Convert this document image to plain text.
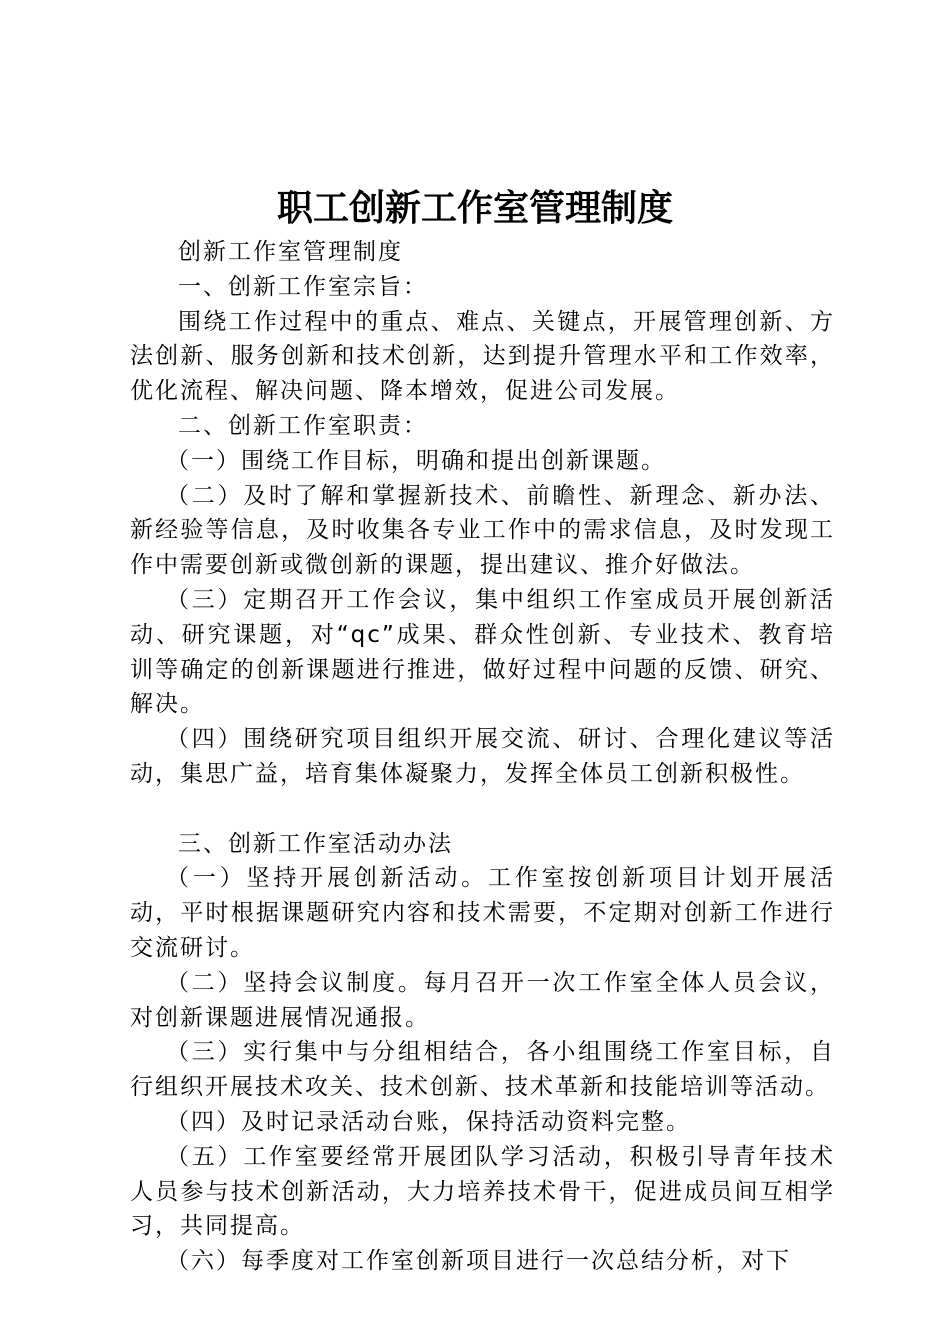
职工创新工作室管理制度

创新工作室管理制度

一、创新工作室宗旨：

围绕工作过程中的重点、难点、关键点，开展管理创新、方法创新、服务创新和技术创新，达到提升管理水平和工作效率，优化流程、解决问题、降本增效，促进公司发展。

二、创新工作室职责：

（一）围绕工作目标，明确和提出创新课题。

（二）及时了解和掌握新技术、前瞻性、新理念、新办法、新经验等信息，及时收集各专业工作中的需求信息，及时发现工作中需要创新或微创新的课题，提出建议、推介好做法。

（三）定期召开工作会议，集中组织工作室成员开展创新活动、研究课题，对“qc”成果、群众性创新、专业技术、教育培训等确定的创新课题进行推进，做好过程中问题的反馈、研究、解决。

（四）围绕研究项目组织开展交流、研讨、合理化建议等活动，集思广益，培育集体凝聚力，发挥全体员工创新积极性。

三、创新工作室活动办法

（一）坚持开展创新活动。工作室按创新项目计划开展活动，平时根据课题研究内容和技术需要，不定期对创新工作进行交流研讨。

（二）坚持会议制度。每月召开一次工作室全体人员会议，对创新课题进展情况通报。

（三）实行集中与分组相结合，各小组围绕工作室目标，自行组织开展技术攻关、技术创新、技术革新和技能培训等活动。

（四）及时记录活动台账，保持活动资料完整。

（五）工作室要经常开展团队学习活动，积极引导青年技术人员参与技术创新活动，大力培养技术骨干，促进成员间互相学习，共同提高。

（六）每季度对工作室创新项目进行一次总结分析，对下
